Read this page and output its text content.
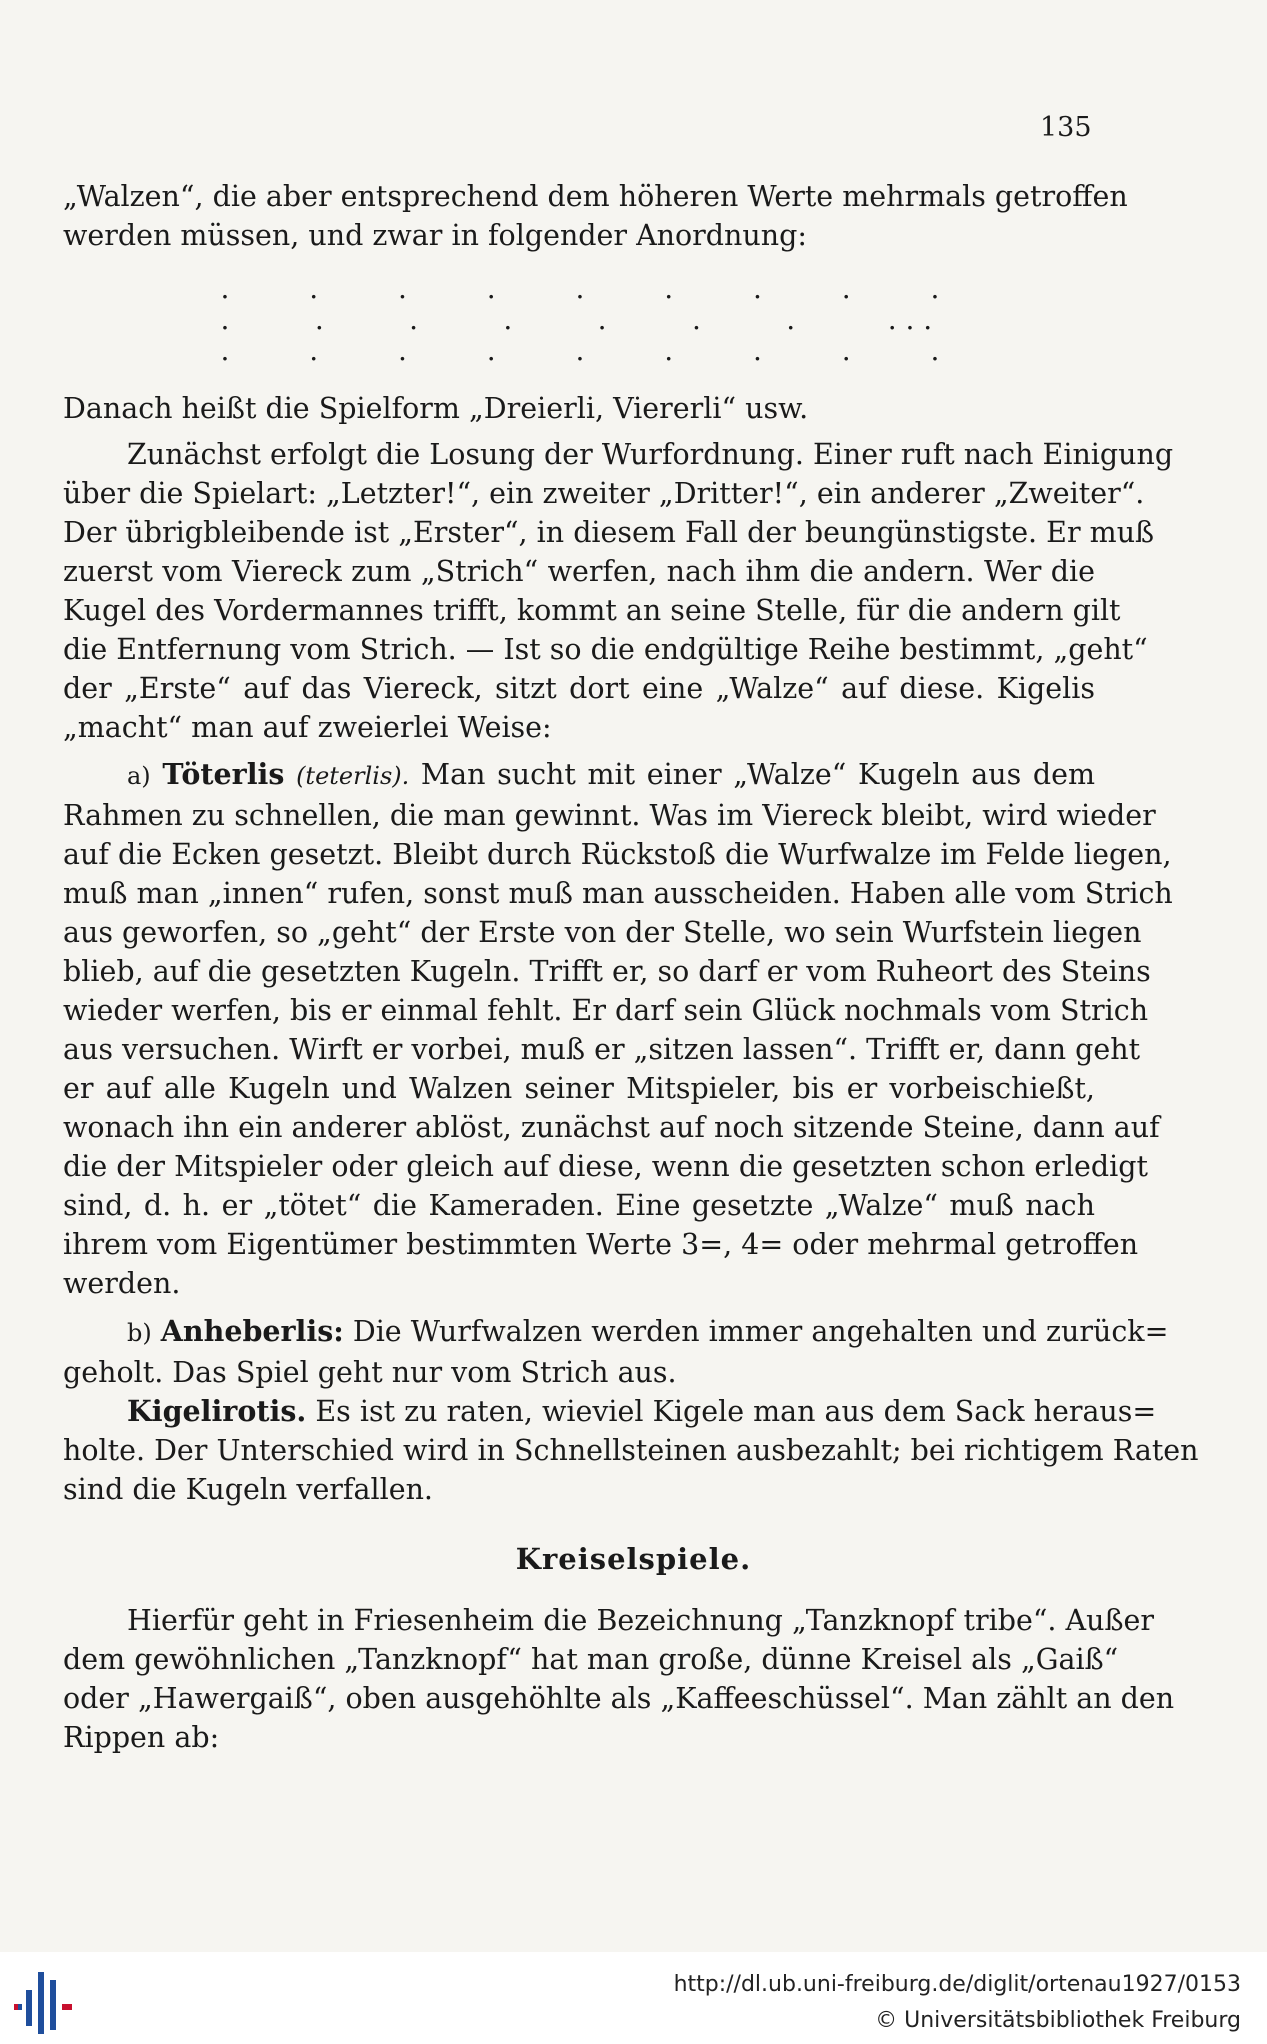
135
„Walzen“, die aber entsprechend dem höheren Werte mehrmals getroffen
werden müssen, und zwar in folgender Anordnung:
.	.	.	.	.	.	.	.	.
.	.	.	.	.	.	.	. . .
.	.	.	.	.	.	.	.	.
Danach heißt die Spielform „Dreierli, Viererli“ usw.
Zunächst erfolgt die Losung der Wurfordnung. Einer ruft nach Einigung
über die Spielart: „Letzter!“, ein zweiter „Dritter!“, ein anderer „Zweiter“.
Der übrigbleibende ist „Erster“, in diesem Fall der beungünstigste. Er muß
zuerst vom Viereck zum „Strich“ werfen, nach ihm die andern. Wer die
Kugel des Vordermannes trifft, kommt an seine Stelle, für die andern gilt
die Entfernung vom Strich. — Ist so die endgültige Reihe bestimmt, „geht“
der „Erste“ auf das Viereck, sitzt dort eine „Walze“ auf diese. Kigelis
„macht“ man auf zweierlei Weise:
a) Töterlis (teterlis). Man sucht mit einer „Walze“ Kugeln aus dem
Rahmen zu schnellen, die man gewinnt. Was im Viereck bleibt, wird wieder
auf die Ecken gesetzt. Bleibt durch Rückstoß die Wurfwalze im Felde liegen,
muß man „innen“ rufen, sonst muß man ausscheiden. Haben alle vom Strich
aus geworfen, so „geht“ der Erste von der Stelle, wo sein Wurfstein liegen
blieb, auf die gesetzten Kugeln. Trifft er, so darf er vom Ruheort des Steins
wieder werfen, bis er einmal fehlt. Er darf sein Glück nochmals vom Strich
aus versuchen. Wirft er vorbei, muß er „sitzen lassen“. Trifft er, dann geht
er auf alle Kugeln und Walzen seiner Mitspieler, bis er vorbeischießt,
wonach ihn ein anderer ablöst, zunächst auf noch sitzende Steine, dann auf
die der Mitspieler oder gleich auf diese, wenn die gesetzten schon erledigt
sind, d. h. er „tötet“ die Kameraden. Eine gesetzte „Walze“ muß nach
ihrem vom Eigentümer bestimmten Werte 3=, 4= oder mehrmal getroffen
werden.
b) Anheberlis: Die Wurfwalzen werden immer angehalten und zurück=
geholt. Das Spiel geht nur vom Strich aus.
Kigelirotis. Es ist zu raten, wieviel Kigele man aus dem Sack heraus=
holte. Der Unterschied wird in Schnellsteinen ausbezahlt; bei richtigem Raten
sind die Kugeln verfallen.
Kreiselspiele.
Hierfür geht in Friesenheim die Bezeichnung „Tanzknopf tribe“. Außer
dem gewöhnlichen „Tanzknopf“ hat man große, dünne Kreisel als „Gaiß“
oder „Hawergaiß“, oben ausgehöhlte als „Kaffeeschüssel“. Man zählt an den
Rippen ab:
http://dl.ub.uni-freiburg.de/diglit/ortenau1927/0153
© Universitätsbibliothek Freiburg
